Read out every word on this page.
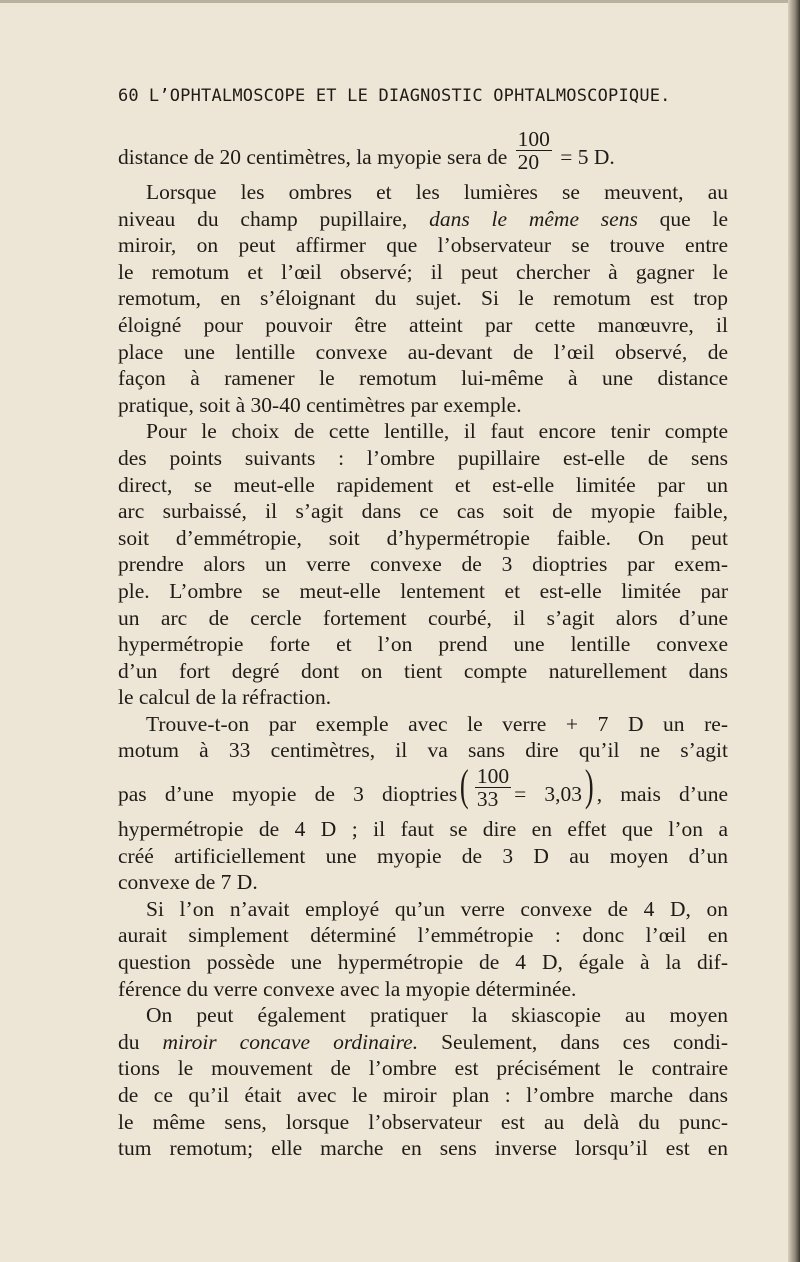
60 L’OPHTALMOSCOPE ET LE DIAGNOSTIC OPHTALMOSCOPIQUE.
distance de 20 centimètres, la myopie sera de $\frac{100}{20} = 5$ D.
Lorsque les ombres et les lumières se meuvent, au
niveau du champ pupillaire, dans le même sens que le
miroir, on peut affirmer que l’observateur se trouve entre
le remotum et l’œil observé; il peut chercher à gagner le
remotum, en s’éloignant du sujet. Si le remotum est trop
éloigné pour pouvoir être atteint par cette manœuvre, il
place une lentille convexe au-devant de l’œil observé, de
façon à ramener le remotum lui-même à une distance
pratique, soit à 30-40 centimètres par exemple.
Pour le choix de cette lentille, il faut encore tenir compte
des points suivants : l’ombre pupillaire est-elle de sens
direct, se meut-elle rapidement et est-elle limitée par un
arc surbaissé, il s’agit dans ce cas soit de myopie faible,
soit d’emmétropie, soit d’hypermétropie faible. On peut
prendre alors un verre convexe de 3 dioptries par exem-
ple. L’ombre se meut-elle lentement et est-elle limitée par
un arc de cercle fortement courbé, il s’agit alors d’une
hypermétropie forte et l’on prend une lentille convexe
d’un fort degré dont on tient compte naturellement dans
le calcul de la réfraction.
Trouve-t-on par exemple avec le verre + 7 D un re-
motum à 33 centimètres, il va sans dire qu’il ne s’agit
pas d’une myopie de 3 dioptries( $\frac{100}{33} = 3,03$) , mais d’une
hypermétropie de 4 D ; il faut se dire en effet que l’on a
créé artificiellement une myopie de 3 D au moyen d’un
convexe de 7 D.
Si l’on n’avait employé qu’un verre convexe de 4 D, on
aurait simplement déterminé l’emmétropie : donc l’œil en
question possède une hypermétropie de 4 D, égale à la dif-
férence du verre convexe avec la myopie déterminée.
On peut également pratiquer la skiascopie au moyen
du miroir concave ordinaire. Seulement, dans ces condi-
tions le mouvement de l’ombre est précisément le contraire
de ce qu’il était avec le miroir plan : l’ombre marche dans
le même sens, lorsque l’observateur est au delà du punc-
tum remotum; elle marche en sens inverse lorsqu’il est en
